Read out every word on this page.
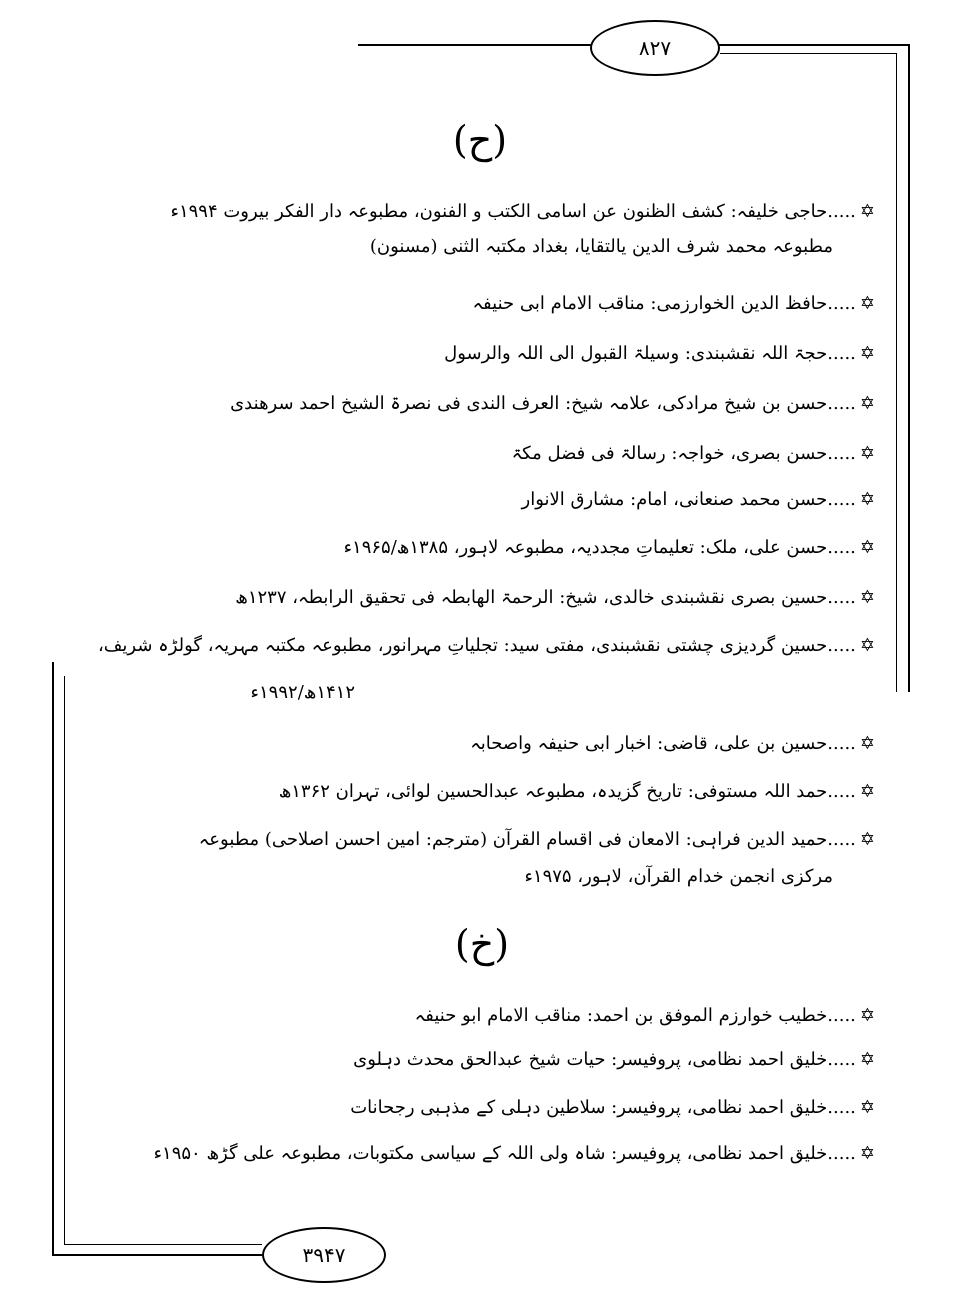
۸۲۷
۳۹۴۷
(ح)
✡.....حاجی خلیفہ: کشف الظنون عن اسامی الکتب و الفنون، مطبوعہ دار الفکر بیروت ۱۹۹۴ء
مطبوعہ محمد شرف الدین یالتقایا، بغداد مکتبہ الثنی (مسنون)
✡.....حافظ الدین الخوارزمی: مناقب الامام ابی حنیفہ
✡.....حجۃ اللہ نقشبندی: وسیلۃ القبول الی اللہ والرسول
✡.....حسن بن شیخ مرادکی، علامہ شیخ: العرف الندی فی نصرۃ الشیخ احمد سرھندی
✡.....حسن بصری، خواجہ: رسالۃ فی فضل مکۃ
✡.....حسن محمد صنعانی، امام: مشارق الانوار
✡.....حسن علی، ملک: تعلیماتِ مجددیہ، مطبوعہ لاہور، ۱۳۸۵ھ/۱۹۶۵ء
✡.....حسین بصری نقشبندی خالدی، شیخ: الرحمۃ الھابطہ فی تحقیق الرابطہ، ۱۲۳۷ھ
✡.....حسین گردیزی چشتی نقشبندی، مفتی سید: تجلیاتِ مہرانور، مطبوعہ مکتبہ مہریہ، گولڑہ شریف،
۱۴۱۲ھ/۱۹۹۲ء
✡.....حسین بن علی، قاضی: اخبار ابی حنیفہ واصحابہ
✡.....حمد اللہ مستوفی: تاریخ گزیدہ، مطبوعہ عبدالحسین لوائی، تہران ۱۳۶۲ھ
✡.....حمید الدین فراہی: الامعان فی اقسام القرآن (مترجم: امین احسن اصلاحی) مطبوعہ
مرکزی انجمن خدام القرآن، لاہور، ۱۹۷۵ء
(خ)
✡.....خطیب خوارزم الموفق بن احمد: مناقب الامام ابو حنیفہ
✡.....خلیق احمد نظامی، پروفیسر: حیات شیخ عبدالحق محدث دہلوی
✡.....خلیق احمد نظامی، پروفیسر: سلاطین دہلی کے مذہبی رجحانات
✡.....خلیق احمد نظامی، پروفیسر: شاہ ولی اللہ کے سیاسی مکتوبات، مطبوعہ علی گڑھ ۱۹۵۰ء
